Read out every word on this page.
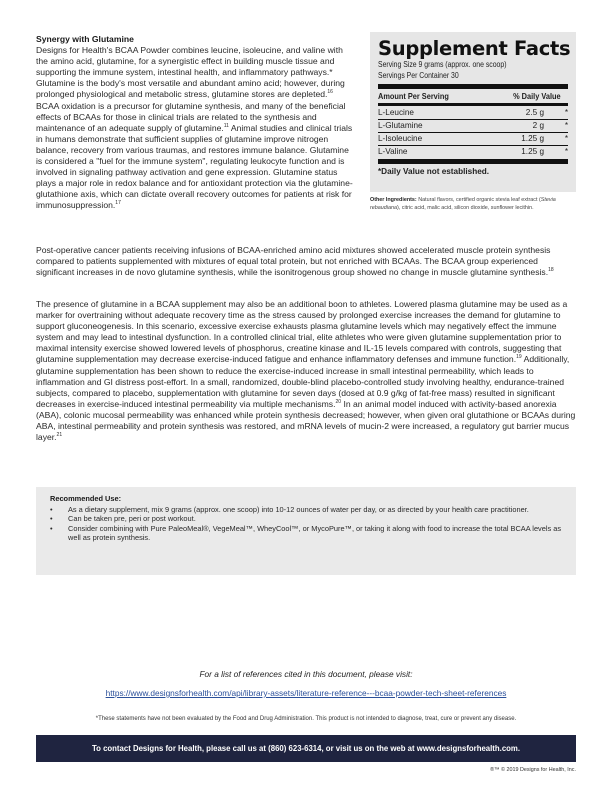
Synergy with Glutamine
Designs for Health's BCAA Powder combines leucine, isoleucine, and valine with the amino acid, glutamine, for a synergistic effect in building muscle tissue and supporting the immune system, intestinal health, and inflammatory pathways.* Glutamine is the body's most versatile and abundant amino acid; however, during prolonged physiological and metabolic stress, glutamine stores are depleted.$^{16}$ BCAA oxidation is a precursor for glutamine synthesis, and many of the beneficial effects of BCAAs for those in clinical trials are related to the synthesis and maintenance of an adequate supply of glutamine.$^{11}$ Animal studies and clinical trials in humans demonstrate that sufficient supplies of glutamine improve nitrogen balance, recovery from various traumas, and restores immune balance. Glutamine is considered a "fuel for the immune system", regulating leukocyte function and is involved in signaling pathway activation and gene expression. Glutamine status plays a major role in redox balance and for antioxidant protection via the glutamine-glutathione axis, which can dictate overall recovery outcomes for patients at risk for immunosuppression.$^{17}$
Supplement Facts
Serving Size 9 grams (approx. one scoop)
Servings Per Container 30
Amount Per Serving	% Daily Value
L-Leucine	2.5 g	*
L-Glutamine	2 g	*
L-Isoleucine	1.25 g	*
L-Valine	1.25 g	*
*Daily Value not established.
Other Ingredients: Natural flavors, certified organic stevia leaf extract (Stevia rebaudiana), citric acid, malic acid, silicon dioxide, sunflower lecithin.
Post-operative cancer patients receiving infusions of BCAA-enriched amino acid mixtures showed accelerated muscle protein synthesis compared to patients supplemented with mixtures of equal total protein, but not enriched with BCAAs. The BCAA group experienced significant increases in de novo glutamine synthesis, while the isonitrogenous group showed no change in muscle glutamine synthesis.$^{18}$
The presence of glutamine in a BCAA supplement may also be an additional boon to athletes. Lowered plasma glutamine may be used as a marker for overtraining without adequate recovery time as the stress caused by prolonged exercise increases the demand for glutamine to support gluconeogenesis. In this scenario, excessive exercise exhausts plasma glutamine levels which may negatively effect the immune system and may lead to intestinal dysfunction. In a controlled clinical trial, elite athletes who were given glutamine supplementation prior to maximal intensity exercise showed lowered levels of phosphorus, creatine kinase and IL-15 levels compared with controls, suggesting that glutamine supplementation may decrease exercise-induced fatigue and enhance inflammatory defenses and immune function.$^{19}$ Additionally, glutamine supplementation has been shown to reduce the exercise-induced increase in small intestinal permeability, which leads to inflammation and GI distress post-effort. In a small, randomized, double-blind placebo-controlled study involving healthy, endurance-trained subjects, compared to placebo, supplementation with glutamine for seven days (dosed at 0.9 g/kg of fat-free mass) resulted in significant decreases in exercise-induced intestinal permeability via multiple mechanisms.$^{20}$ In an animal model induced with activity-based anorexia (ABA), colonic mucosal permeability was enhanced while protein synthesis decreased; however, when given oral glutathione or BCAAs during ABA, intestinal permeability and protein synthesis was restored, and mRNA levels of mucin-2 were increased, a regulatory gut barrier mucus layer.$^{21}$
Recommended Use:
•	As a dietary supplement, mix 9 grams (approx. one scoop) into 10-12 ounces of water per day, or as directed by your health care practitioner.
•	Can be taken pre, peri or post workout.
•	Consider combining with Pure PaleoMeal®, VegeMeal™, WheyCool™, or MycoPure™, or taking it along with food to increase the total BCAA levels as well as protein synthesis.
For a list of references cited in this document, please visit:
https://www.designsforhealth.com/api/library-assets/literature-reference---bcaa-powder-tech-sheet-references
*These statements have not been evaluated by the Food and Drug Administration. This product is not intended to diagnose, treat, cure or prevent any disease.
To contact Designs for Health, please call us at (860) 623-6314, or visit us on the web at www.designsforhealth.com.
®™ © 2019 Designs for Health, Inc.
